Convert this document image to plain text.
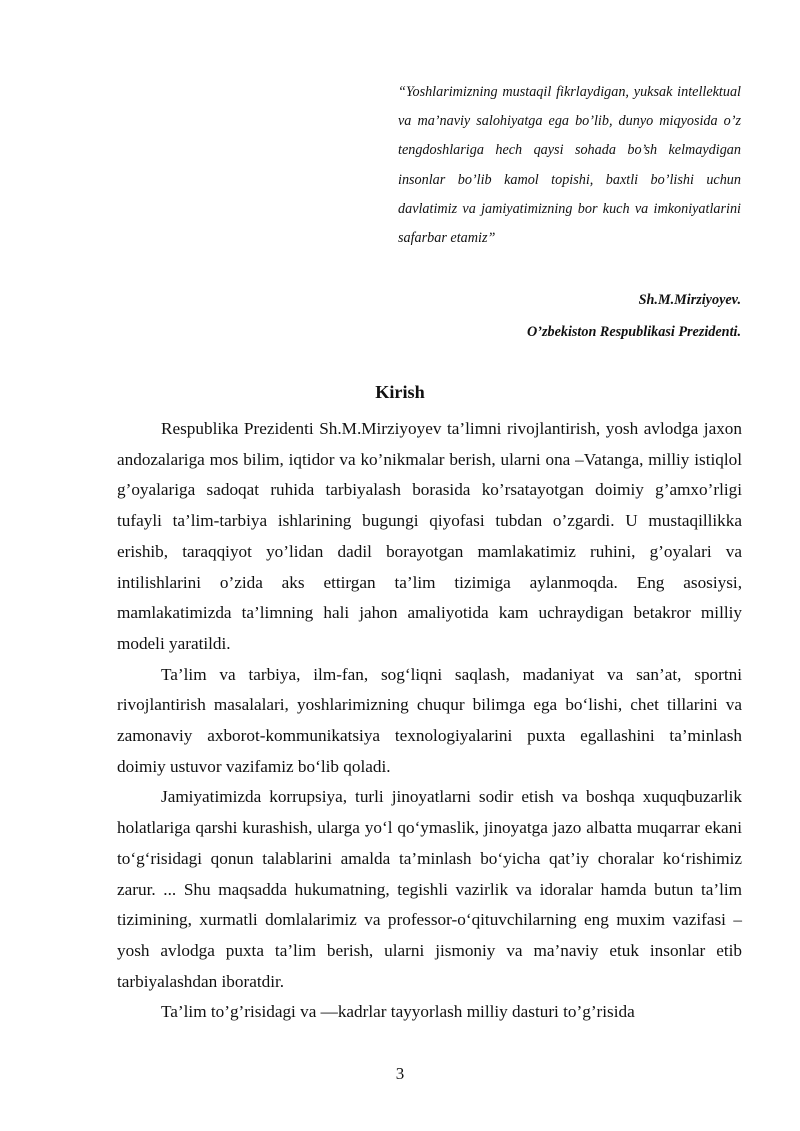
“Yoshlarimizning mustaqil fikrlaydigan, yuksak intellektual va ma’naviy salohiyatga ega bo’lib, dunyo miqyosida o’z tengdoshlariga hech qaysi sohada bo’sh kelmaydigan insonlar bo’lib kamol topishi, baxtli bo’lishi uchun davlatimiz va jamiyatimizning bor kuch va imkoniyatlarini safarbar etamiz”
Sh.M.Mirziyoyev.
O’zbekiston Respublikasi Prezidenti.
Kirish

Respublika Prezidenti Sh.M.Mirziyoyev ta’limni rivojlantirish, yosh avlodga jaxon andozalariga mos bilim, iqtidor va ko’nikmalar berish, ularni ona –Vatanga, milliy istiqlol g’oyalariga sadoqat ruhida tarbiyalash borasida ko’rsatayotgan doimiy g’amxo’rligi tufayli ta’lim-tarbiya ishlarining bugungi qiyofasi tubdan o’zgardi. U mustaqillikka erishib, taraqqiyot yo’lidan dadil borayotgan mamlakatimiz ruhini, g’oyalari va intilishlarini o’zida aks ettirgan ta’lim tizimiga aylanmoqda. Eng asosiysi, mamlakatimizda ta’limning hali jahon amaliyotida kam uchraydigan betakror milliy modeli yaratildi.

Ta’lim va tarbiya, ilm-fan, sog‘liqni saqlash, madaniyat va san’at, sportni rivojlantirish masalalari, yoshlarimizning chuqur bilimga ega bo‘lishi, chet tillarini va zamonaviy axborot-kommunikatsiya texnologiyalarini puxta egallashini ta’minlash doimiy ustuvor vazifamiz bo‘lib qoladi.

Jamiyatimizda korrupsiya, turli jinoyatlarni sodir etish va boshqa xuquqbuzarlik holatlariga qarshi kurashish, ularga yo‘l qo‘ymaslik, jinoyatga jazo albatta muqarrar ekani to‘g‘risidagi qonun talablarini amalda ta’minlash bo‘yicha qat’iy choralar ko‘rishimiz zarur. ... Shu maqsadda hukumatning, tegishli vazirlik va idoralar hamda butun ta’lim tizimining, xurmatli domlalarimiz va professor-o‘qituvchilarning eng muxim vazifasi – yosh avlodga puxta ta’lim berish, ularni jismoniy va ma’naviy etuk insonlar etib tarbiyalashdan iboratdir.

Ta’lim to’g’risidagi va ―kadrlar tayyorlash milliy dasturi to’g’risida

3
